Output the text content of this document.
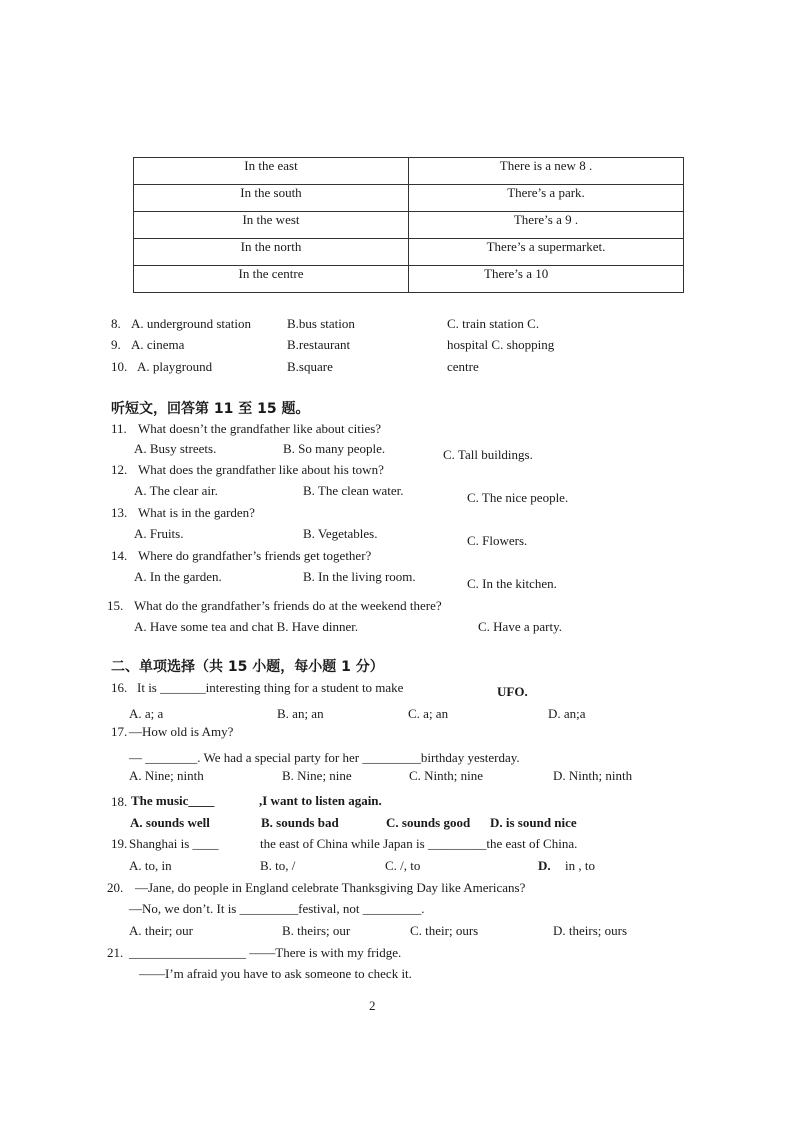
In the east	There is a new 8 .
In the south	There’s a park.
In the west	There’s a 9 .
In the north	There’s a supermarket.
In the centre	There’s a 10
8. A. underground station	B.bus station	C. train station C.
9. A. cinema	B.restaurant	hospital C. shopping
10. A. playground	B.square	centre
听短文，回答第 11 至 15 题。
11. What doesn’t the grandfather like about cities?
A. Busy streets.	B. So many people.	C. Tall buildings.
12. What does the grandfather like about his town?
A. The clear air.	B. The clean water.	C. The nice people.
13. What is in the garden?
A. Fruits.	B. Vegetables.	C. Flowers.
14. Where do grandfather’s friends get together?
A. In the garden.	B. In the living room.	C. In the kitchen.
15. What do the grandfather’s friends do at the weekend there?
A. Have some tea and chat B. Have dinner.	C. Have a party.
二、单项选择（共 15 小题，每小题 1 分）
16. It is _______interesting thing for a student to make	UFO.
A. a; a	B. an; an	C. a; an	D. an;a
17. —How old is Amy?
— ________. We had a special party for her _________birthday yesterday.
A. Nine; ninth	B. Nine; nine	C. Ninth; nine	D. Ninth; ninth
18. The music____	,I want to listen again.
A. sounds well	B. sounds bad	C. sounds good D. is sound nice
19. Shanghai is ____	the east of China while Japan is _________the east of China.
A. to, in	B. to, /	C. /, to	D. in , to
20. —Jane, do people in England celebrate Thanksgiving Day like Americans?
—No, we don’t. It is _________festival, not _________.
A. their; our	B. theirs; our	C. their; ours	D. theirs; ours
21. __________________ ——There is with my fridge.
——I’m afraid you have to ask someone to check it.
2
